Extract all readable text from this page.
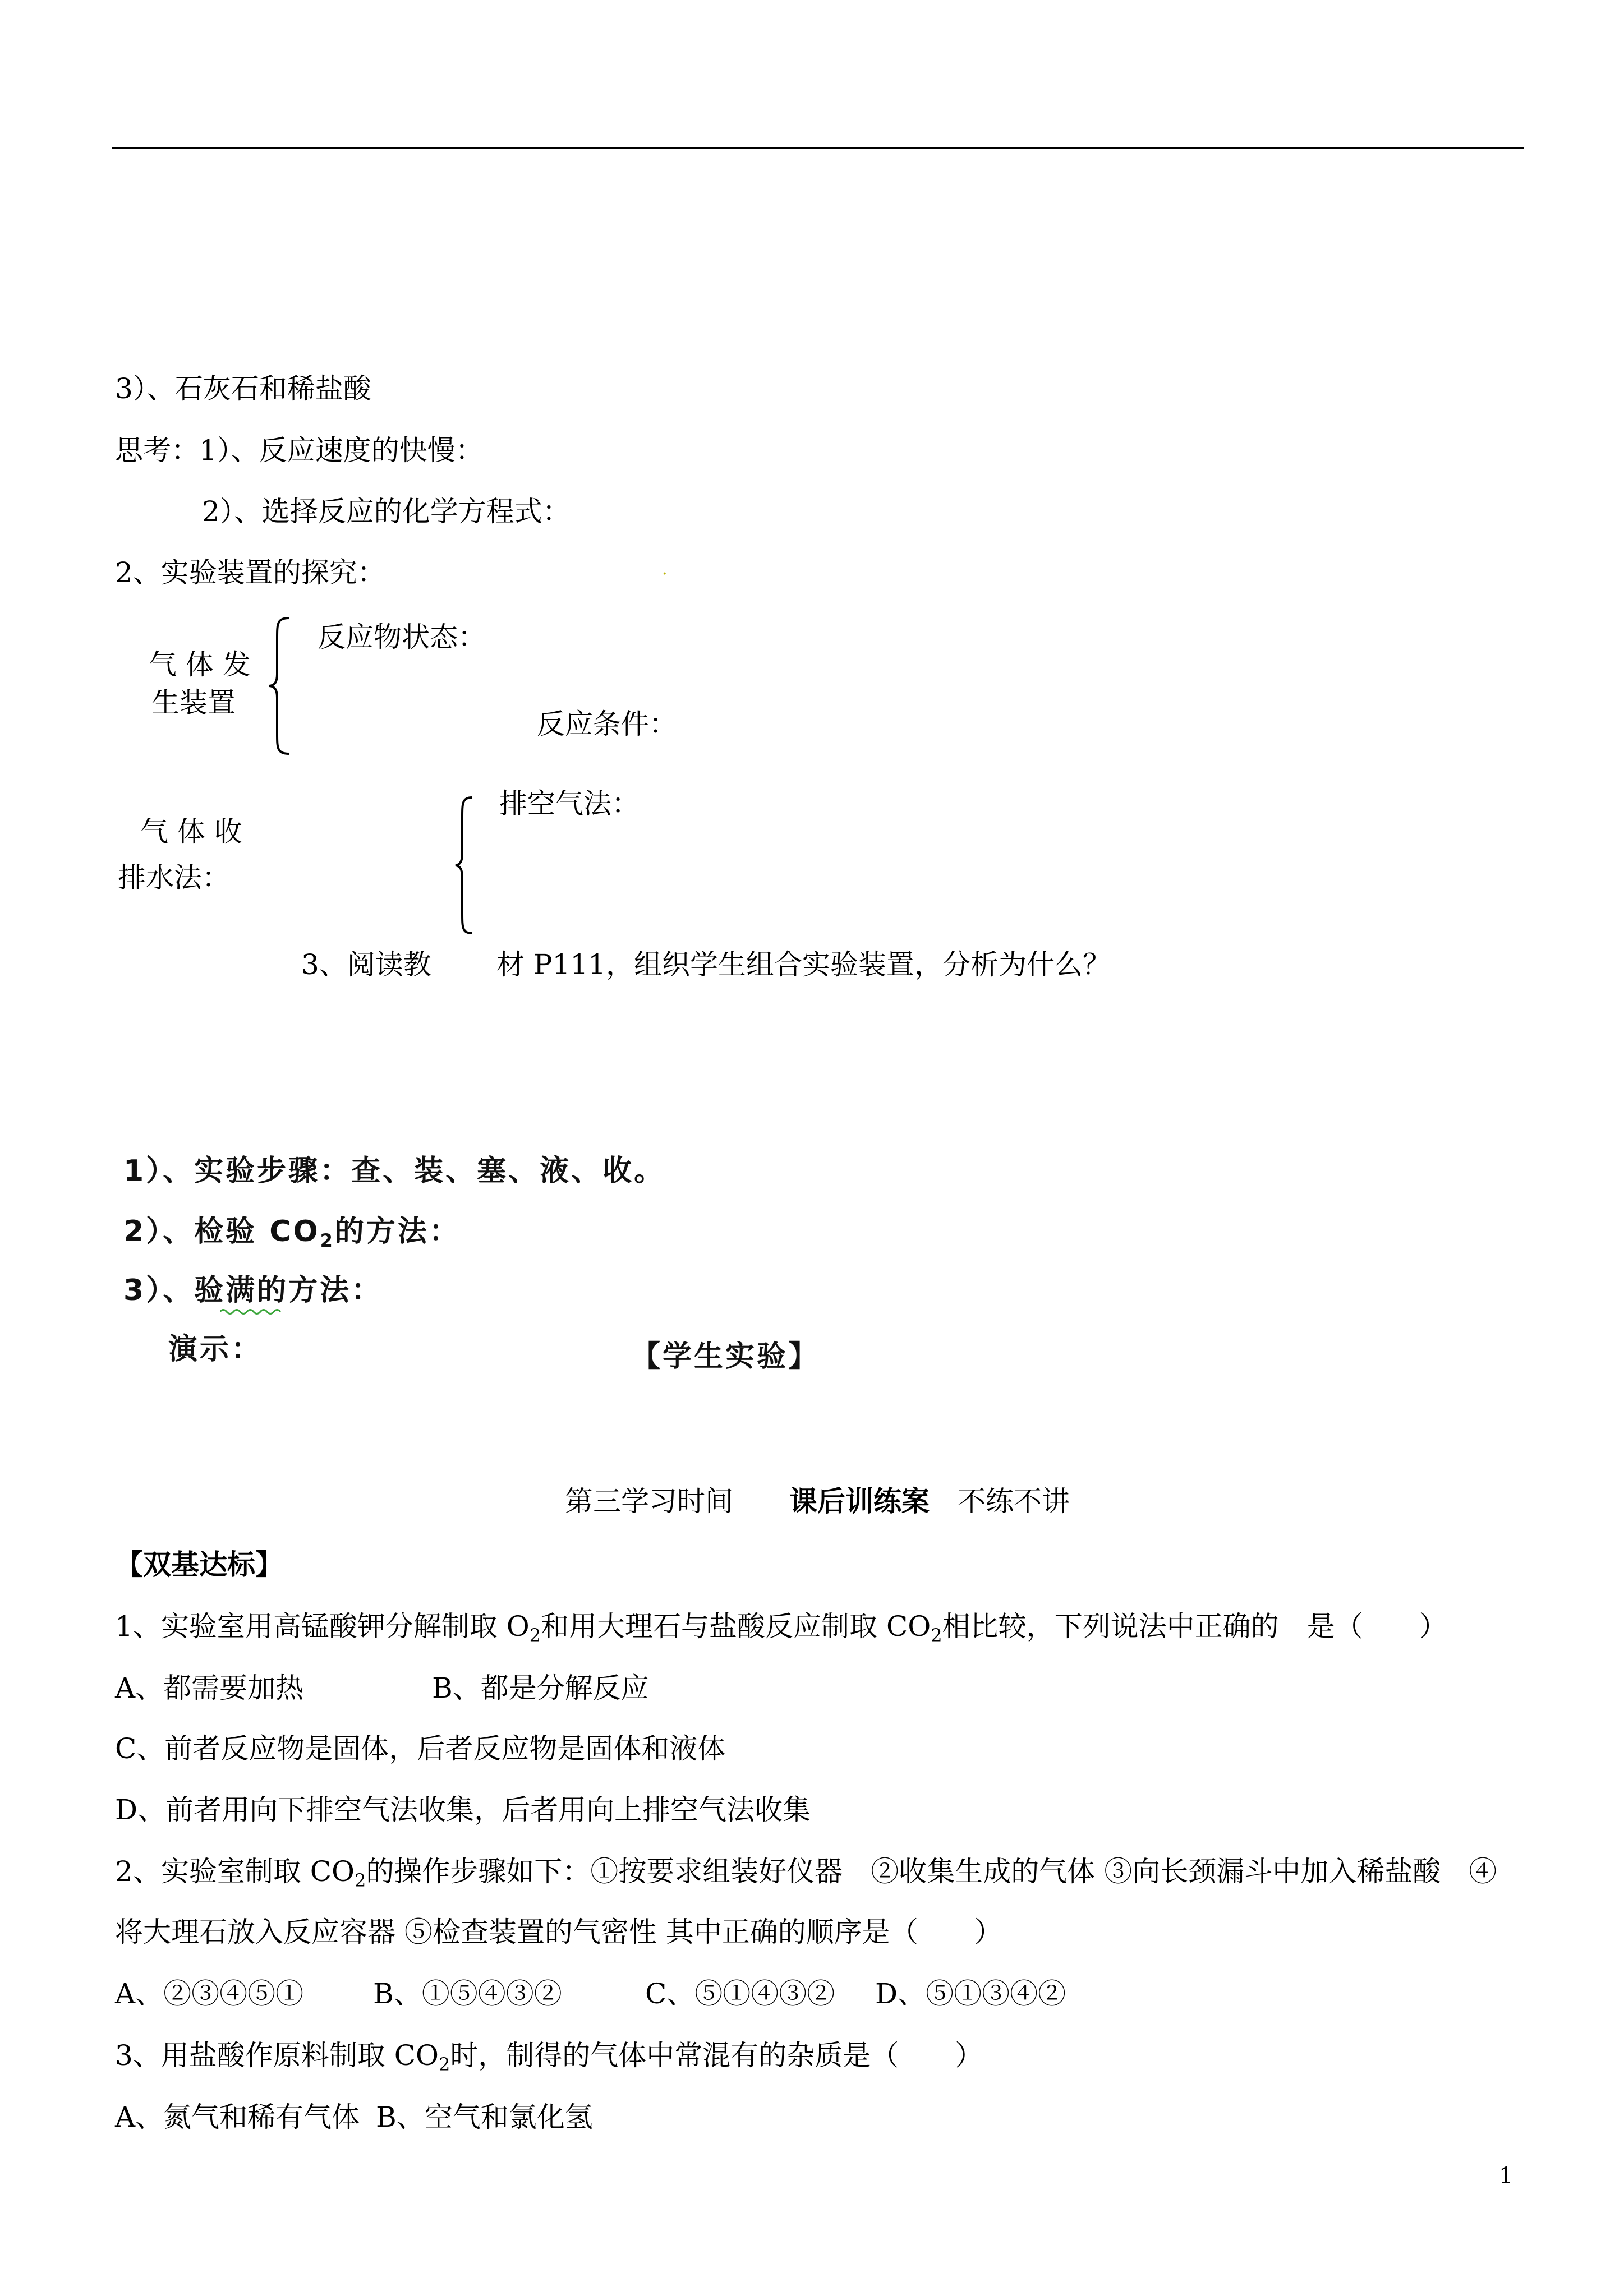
3）、石灰石和稀盐酸
思考：1）、反应速度的快慢：
2）、选择反应的化学方程式：
2、实验装置的探究：	.
气 体 发
生装置
反应物状态：
反应条件：
气 体 收
排水法：
排空气法：
3、阅读教 材 P111，组织学生组合实验装置，分析为什么？
1）、实验步骤：查、装、塞、液、收。
2）、检验 $CO_2$的方法：
3）、验满的方法：
演示：	【学生实验】
第三学习时间 课后训练案 不练不讲
【双基达标】
1、实验室用高锰酸钾分解制取 $O_2$和用大理石与盐酸反应制取 $CO_2$相比较，下列说法中正确的　是（　　）
A、都需要加热	B、都是分解反应
C、前者反应物是固体，后者反应物是固体和液体
D、前者用向下排空气法收集，后者用向上排空气法收集
2、实验室制取 $CO_2$的操作步骤如下：①按要求组装好仪器　②收集生成的气体 ③向长颈漏斗中加入稀盐酸　④
将大理石放入反应容器 ⑤检查装置的气密性 其中正确的顺序是（　　）
A、②③④⑤① B、①⑤④③②	C、⑤①④③② D、⑤①③④②
3、用盐酸作原料制取 $CO_2$时，制得的气体中常混有的杂质是（　　）
A、氮气和稀有气体 B、空气和氯化氢
1
